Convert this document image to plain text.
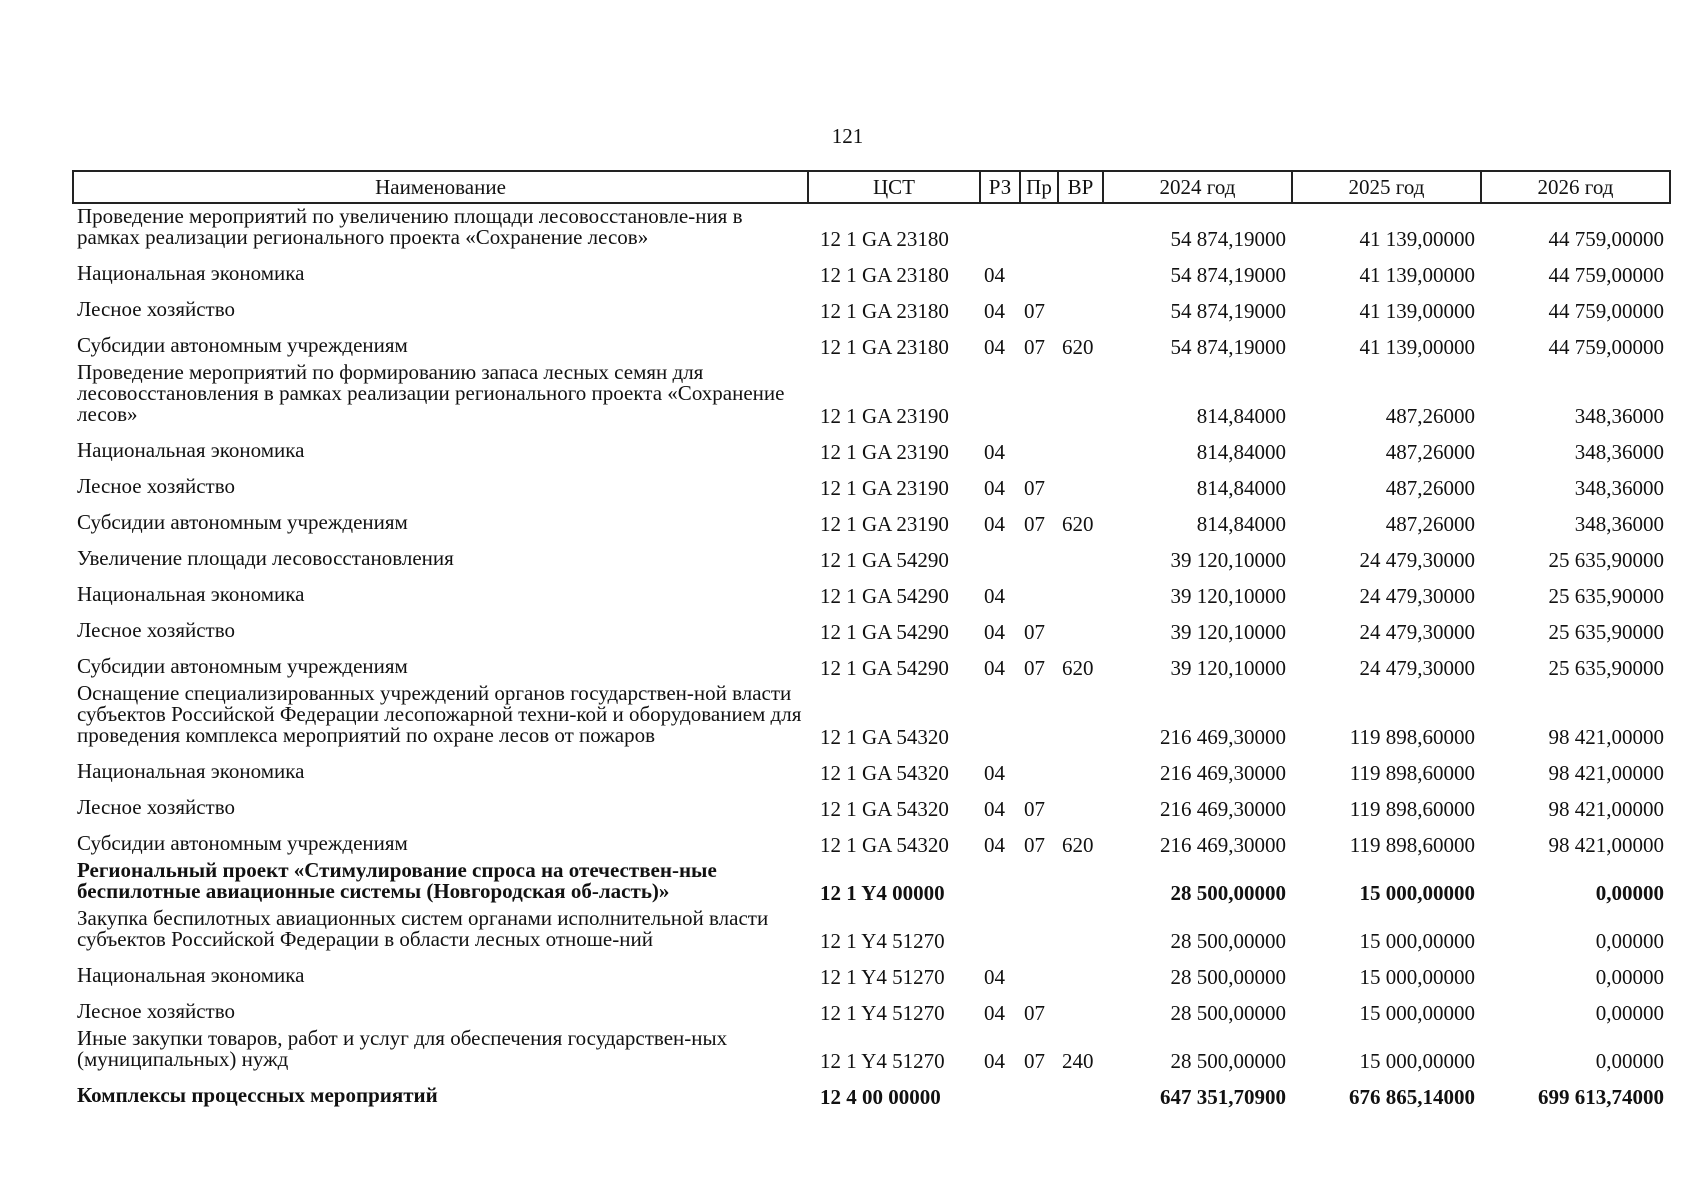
121
Наименование	ЦСТ	РЗ	Пр	ВР	2024 год	2025 год	2026 год
Проведение мероприятий по увеличению площади лесовосстановле-ния в рамках реализации регионального проекта «Сохранение лесов»	12 1 GA 23180				54 874,19000	41 139,00000	44 759,00000
Национальная экономика	12 1 GA 23180	04			54 874,19000	41 139,00000	44 759,00000
Лесное хозяйство	12 1 GA 23180	04	07		54 874,19000	41 139,00000	44 759,00000
Субсидии автономным учреждениям	12 1 GA 23180	04	07	620	54 874,19000	41 139,00000	44 759,00000
Проведение мероприятий по формированию запаса лесных семян для лесовосстановления в рамках реализации регионального проекта «Сохранение лесов»	12 1 GA 23190				814,84000	487,26000	348,36000
Национальная экономика	12 1 GA 23190	04			814,84000	487,26000	348,36000
Лесное хозяйство	12 1 GA 23190	04	07		814,84000	487,26000	348,36000
Субсидии автономным учреждениям	12 1 GA 23190	04	07	620	814,84000	487,26000	348,36000
Увеличение площади лесовосстановления	12 1 GA 54290				39 120,10000	24 479,30000	25 635,90000
Национальная экономика	12 1 GA 54290	04			39 120,10000	24 479,30000	25 635,90000
Лесное хозяйство	12 1 GA 54290	04	07		39 120,10000	24 479,30000	25 635,90000
Субсидии автономным учреждениям	12 1 GA 54290	04	07	620	39 120,10000	24 479,30000	25 635,90000
Оснащение специализированных учреждений органов государствен-ной власти субъектов Российской Федерации лесопожарной техни-кой и оборудованием для проведения комплекса мероприятий по охране лесов от пожаров	12 1 GA 54320				216 469,30000	119 898,60000	98 421,00000
Национальная экономика	12 1 GA 54320	04			216 469,30000	119 898,60000	98 421,00000
Лесное хозяйство	12 1 GA 54320	04	07		216 469,30000	119 898,60000	98 421,00000
Субсидии автономным учреждениям	12 1 GA 54320	04	07	620	216 469,30000	119 898,60000	98 421,00000
Региональный проект «Стимулирование спроса на отечествен-ные беспилотные авиационные системы (Новгородская об-ласть)»	12 1 Y4 00000				28 500,00000	15 000,00000	0,00000
Закупка беспилотных авиационных систем органами исполнительной власти субъектов Российской Федерации в области лесных отноше-ний	12 1 Y4 51270				28 500,00000	15 000,00000	0,00000
Национальная экономика	12 1 Y4 51270	04			28 500,00000	15 000,00000	0,00000
Лесное хозяйство	12 1 Y4 51270	04	07		28 500,00000	15 000,00000	0,00000
Иные закупки товаров, работ и услуг для обеспечения государствен-ных (муниципальных) нужд	12 1 Y4 51270	04	07	240	28 500,00000	15 000,00000	0,00000
Комплексы процессных мероприятий	12 4 00 00000				647 351,70900	676 865,14000	699 613,74000
